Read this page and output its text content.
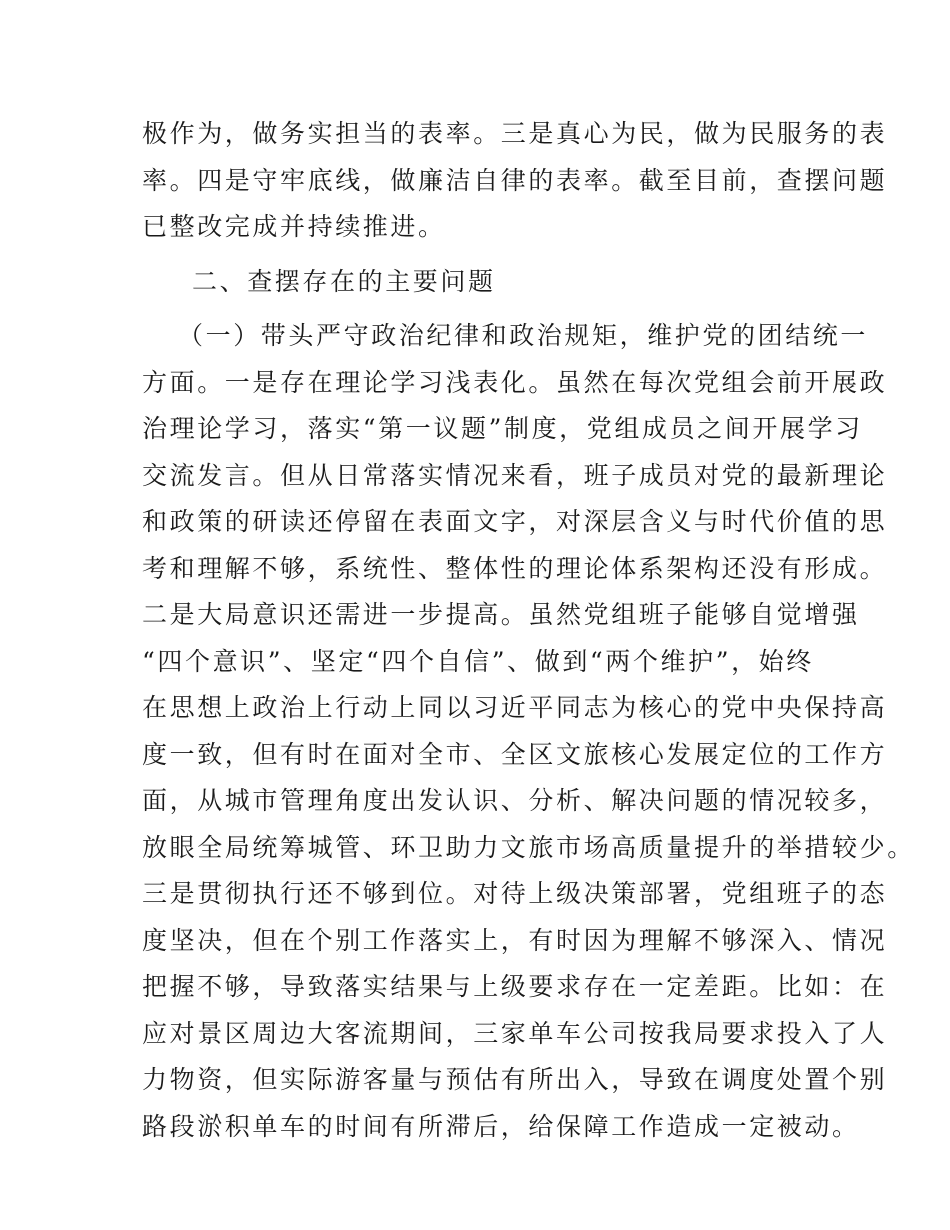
极作为，做务实担当的表率。三是真心为民，做为民服务的表
率。四是守牢底线，做廉洁自律的表率。截至目前，查摆问题
已整改完成并持续推进。
二、查摆存在的主要问题
（一）带头严守政治纪律和政治规矩，维护党的团结统一
方面。一是存在理论学习浅表化。虽然在每次党组会前开展政
治理论学习，落实“第一议题”制度，党组成员之间开展学习
交流发言。但从日常落实情况来看，班子成员对党的最新理论
和政策的研读还停留在表面文字，对深层含义与时代价值的思
考和理解不够，系统性、整体性的理论体系架构还没有形成。
二是大局意识还需进一步提高。虽然党组班子能够自觉增强
“四个意识”、坚定“四个自信”、做到“两个维护”，始终
在思想上政治上行动上同以习近平同志为核心的党中央保持高
度一致，但有时在面对全市、全区文旅核心发展定位的工作方
面，从城市管理角度出发认识、分析、解决问题的情况较多，
放眼全局统筹城管、环卫助力文旅市场高质量提升的举措较少。
三是贯彻执行还不够到位。对待上级决策部署，党组班子的态
度坚决，但在个别工作落实上，有时因为理解不够深入、情况
把握不够，导致落实结果与上级要求存在一定差距。比如：在
应对景区周边大客流期间，三家单车公司按我局要求投入了人
力物资，但实际游客量与预估有所出入，导致在调度处置个别
路段淤积单车的时间有所滞后，给保障工作造成一定被动。
